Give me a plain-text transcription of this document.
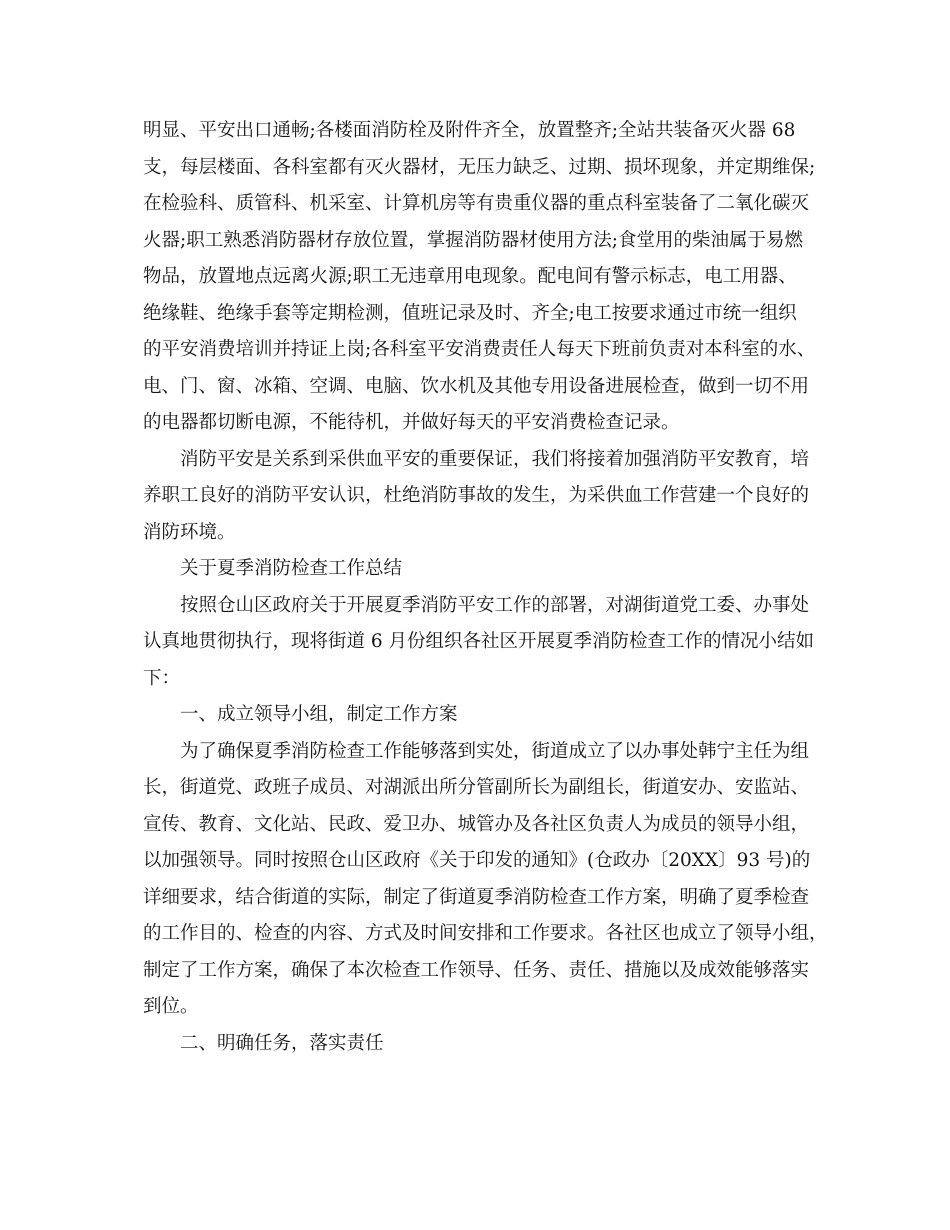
明显、平安出口通畅;各楼面消防栓及附件齐全，放置整齐;全站共装备灭火器 68
支，每层楼面、各科室都有灭火器材，无压力缺乏、过期、损坏现象，并定期维保;
在检验科、质管科、机采室、计算机房等有贵重仪器的重点科室装备了二氧化碳灭
火器;职工熟悉消防器材存放位置，掌握消防器材使用方法;食堂用的柴油属于易燃
物品，放置地点远离火源;职工无违章用电现象。配电间有警示标志，电工用器、
绝缘鞋、绝缘手套等定期检测，值班记录及时、齐全;电工按要求通过市统一组织
的平安消费培训并持证上岗;各科室平安消费责任人每天下班前负责对本科室的水、
电、门、窗、冰箱、空调、电脑、饮水机及其他专用设备进展检查，做到一切不用
的电器都切断电源，不能待机，并做好每天的平安消费检查记录。
消防平安是关系到采供血平安的重要保证，我们将接着加强消防平安教育，培
养职工良好的消防平安认识，杜绝消防事故的发生，为采供血工作营建一个良好的
消防环境。
关于夏季消防检查工作总结
按照仓山区政府关于开展夏季消防平安工作的部署，对湖街道党工委、办事处
认真地贯彻执行，现将街道 6 月份组织各社区开展夏季消防检查工作的情况小结如
下：
一、成立领导小组，制定工作方案
为了确保夏季消防检查工作能够落到实处，街道成立了以办事处韩宁主任为组
长，街道党、政班子成员、对湖派出所分管副所长为副组长，街道安办、安监站、
宣传、教育、文化站、民政、爱卫办、城管办及各社区负责人为成员的领导小组，
以加强领导。同时按照仓山区政府《关于印发的通知》(仓政办〔20XX〕93 号)的
详细要求，结合街道的实际，制定了街道夏季消防检查工作方案，明确了夏季检查
的工作目的、检查的内容、方式及时间安排和工作要求。各社区也成立了领导小组，
制定了工作方案，确保了本次检查工作领导、任务、责任、措施以及成效能够落实
到位。
二、明确任务，落实责任
